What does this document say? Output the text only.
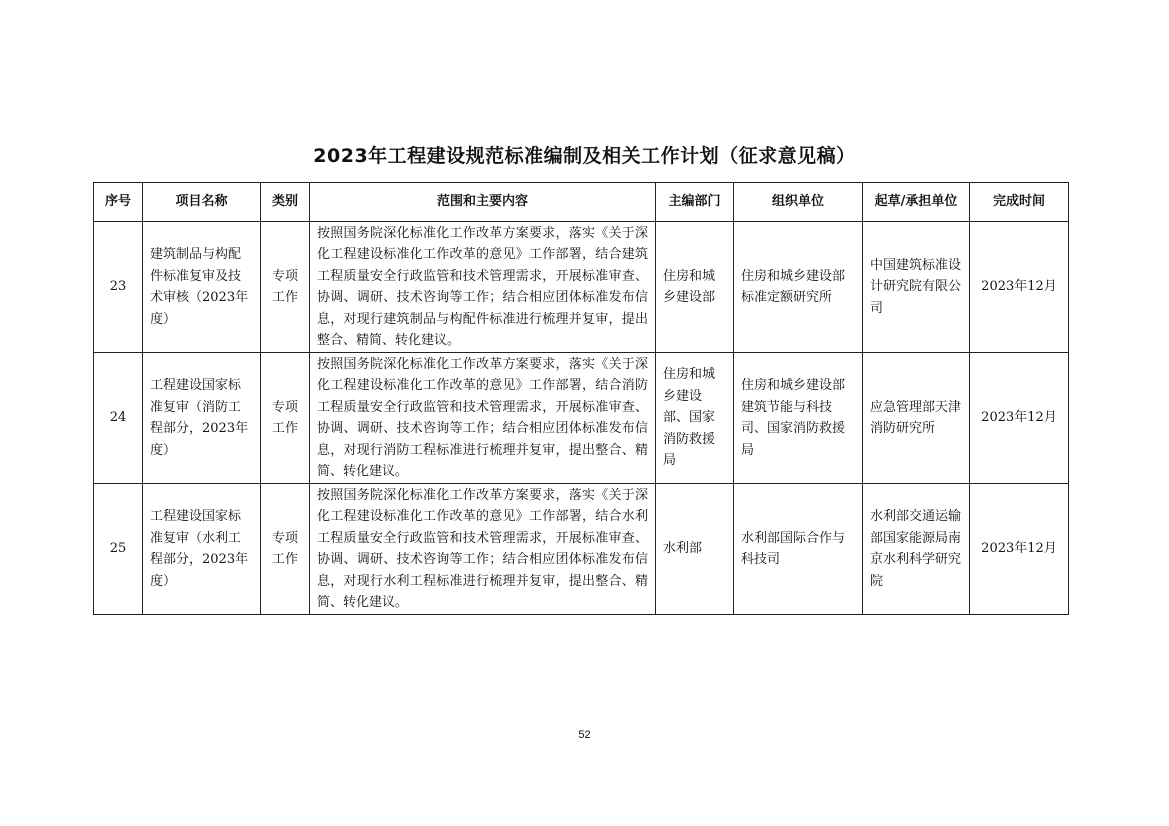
2023年工程建设规范标准编制及相关工作计划（征求意见稿）
序号	项目名称	类别	范围和主要内容	主编部门	组织单位	起草/承担单位	完成时间
23	建筑制品与构配件标准复审及技术审核（2023年度）	专项工作	按照国务院深化标准化工作改革方案要求，落实《关于深化工程建设标准化工作改革的意见》工作部署，结合建筑工程质量安全行政监管和技术管理需求，开展标准审查、协调、调研、技术咨询等工作；结合相应团体标准发布信息，对现行建筑制品与构配件标准进行梳理并复审，提出整合、精简、转化建议。	住房和城乡建设部	住房和城乡建设部标准定额研究所	中国建筑标准设计研究院有限公司	2023年12月
24	工程建设国家标准复审（消防工程部分，2023年度）	专项工作	按照国务院深化标准化工作改革方案要求，落实《关于深化工程建设标准化工作改革的意见》工作部署，结合消防工程质量安全行政监管和技术管理需求，开展标准审查、协调、调研、技术咨询等工作；结合相应团体标准发布信息，对现行消防工程标准进行梳理并复审，提出整合、精简、转化建议。	住房和城乡建设部、国家消防救援局	住房和城乡建设部建筑节能与科技司、国家消防救援局	应急管理部天津消防研究所	2023年12月
25	工程建设国家标准复审（水利工程部分，2023年度）	专项工作	按照国务院深化标准化工作改革方案要求，落实《关于深化工程建设标准化工作改革的意见》工作部署，结合水利工程质量安全行政监管和技术管理需求，开展标准审查、协调、调研、技术咨询等工作；结合相应团体标准发布信息，对现行水利工程标准进行梳理并复审，提出整合、精简、转化建议。	水利部	水利部国际合作与科技司	水利部交通运输部国家能源局南京水利科学研究院	2023年12月
52
